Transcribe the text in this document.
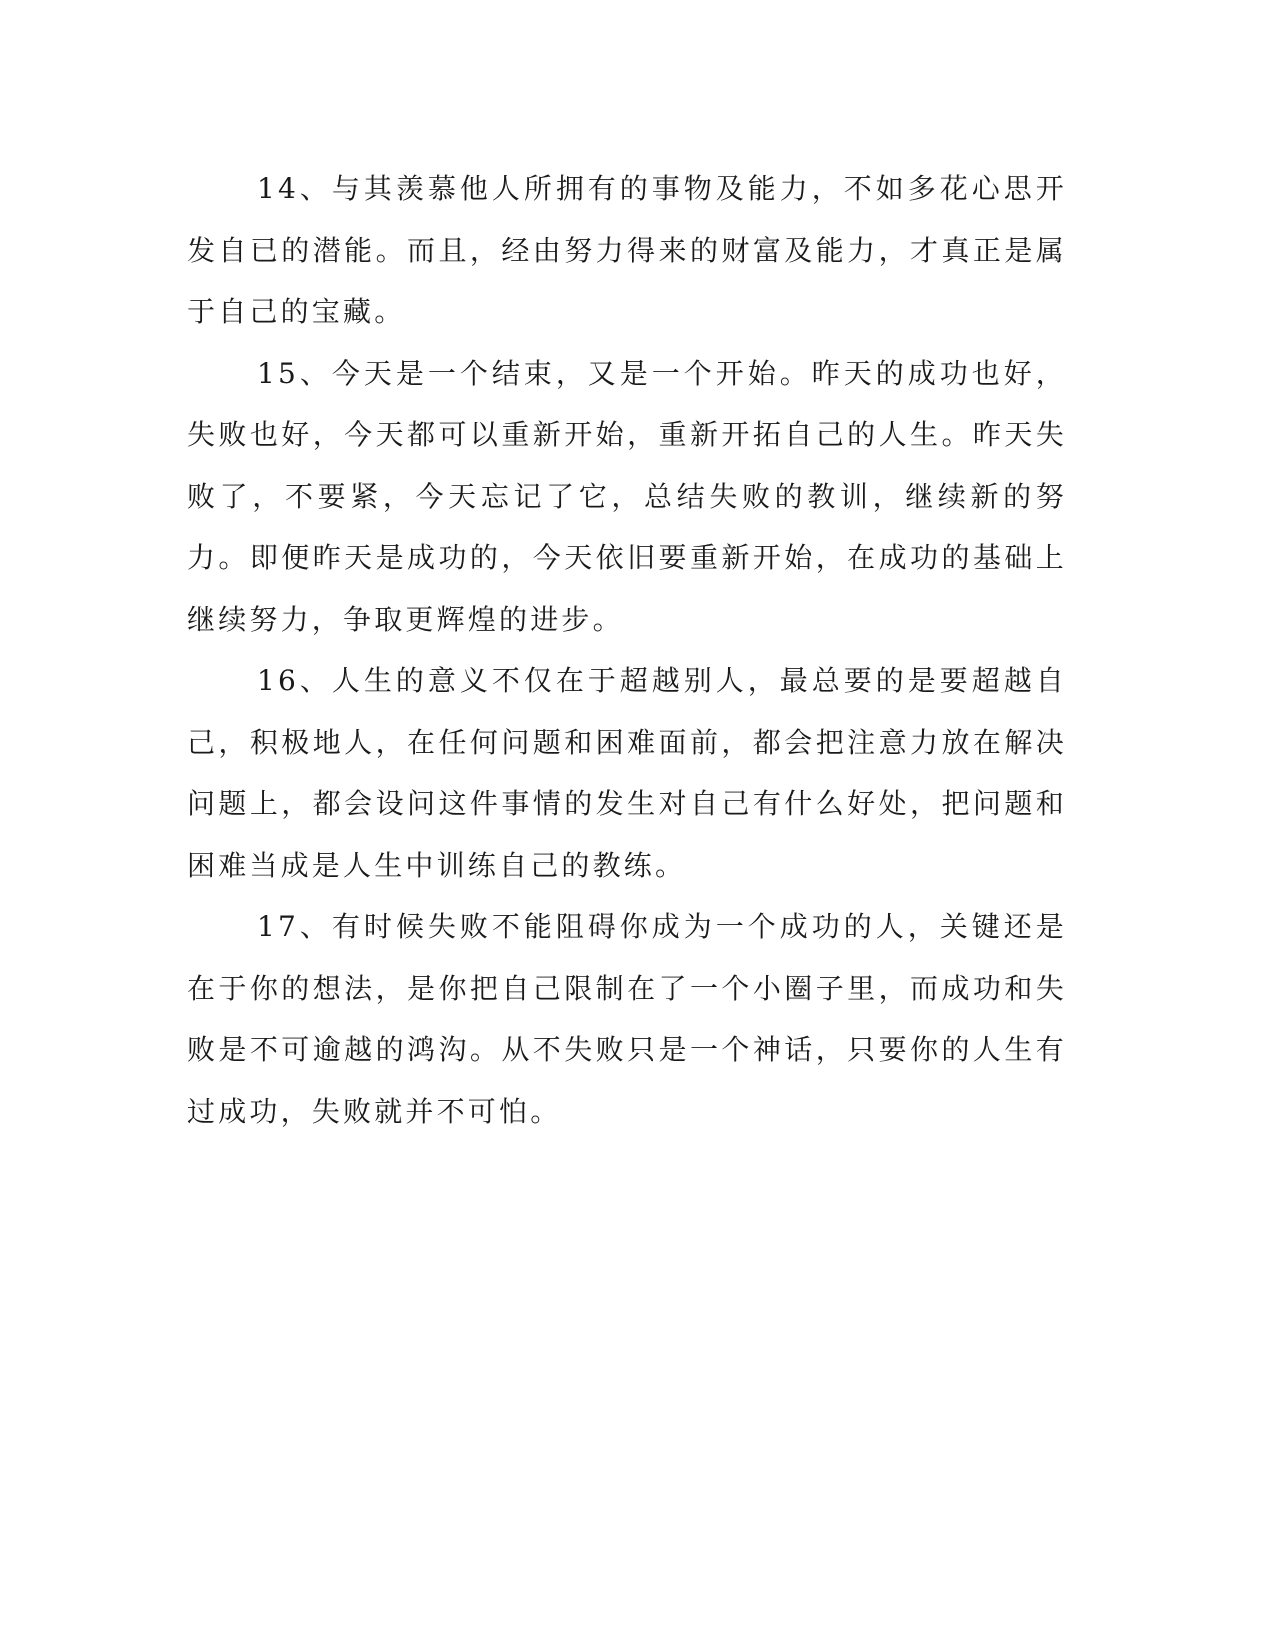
14、与其羡慕他人所拥有的事物及能力，不如多花心思开发自已的潜能。而且，经由努力得来的财富及能力，才真正是属于自己的宝藏。

15、今天是一个结束，又是一个开始。昨天的成功也好，失败也好，今天都可以重新开始，重新开拓自己的人生。昨天失败了，不要紧，今天忘记了它，总结失败的教训，继续新的努力。即便昨天是成功的，今天依旧要重新开始，在成功的基础上继续努力，争取更辉煌的进步。

16、人生的意义不仅在于超越别人，最总要的是要超越自己，积极地人，在任何问题和困难面前，都会把注意力放在解决问题上，都会设问这件事情的发生对自己有什么好处，把问题和困难当成是人生中训练自己的教练。

17、有时候失败不能阻碍你成为一个成功的人，关键还是在于你的想法，是你把自己限制在了一个小圈子里，而成功和失败是不可逾越的鸿沟。从不失败只是一个神话，只要你的人生有过成功，失败就并不可怕。
